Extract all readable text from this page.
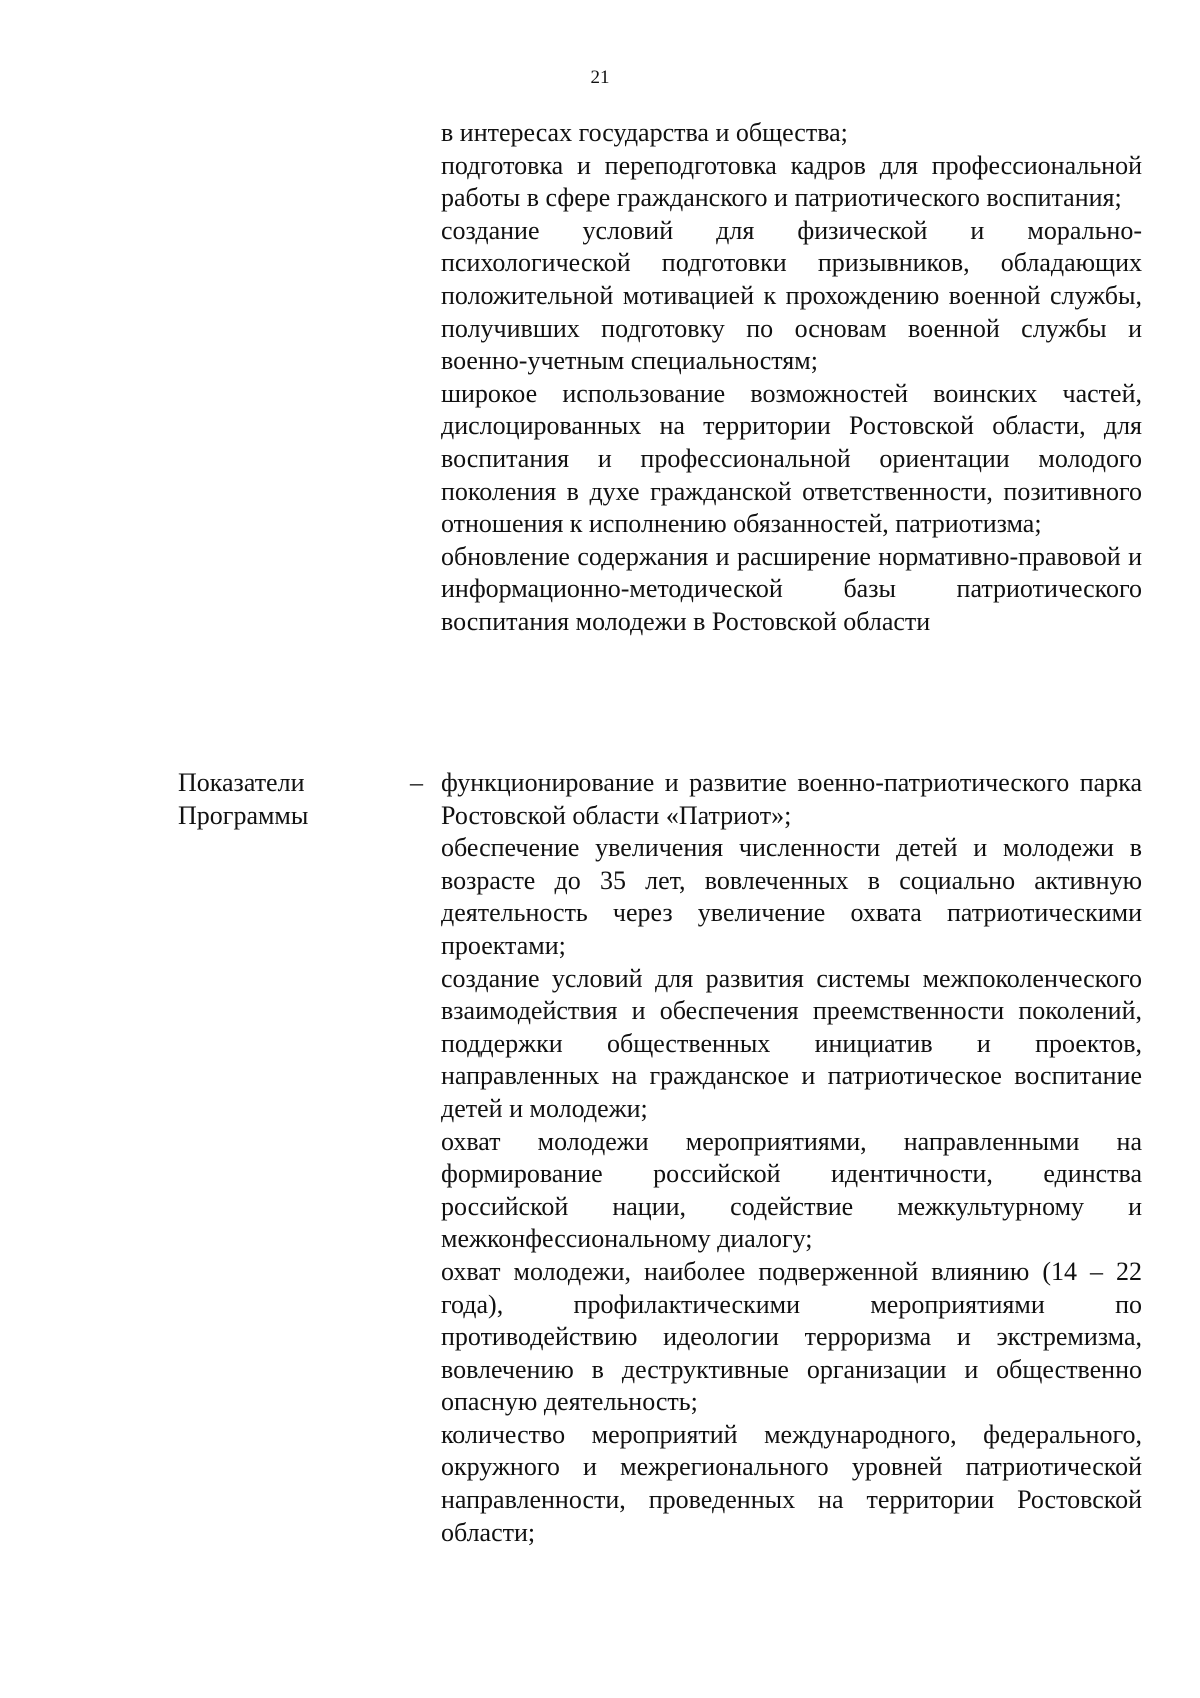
21

в интересах государства и общества;

подготовка и переподготовка кадров для профессиональной работы в сфере гражданского и патриотического воспитания;

создание условий для физической и морально-психологической подготовки призывников, обладающих положительной мотивацией к прохождению военной службы, получивших подготовку по основам военной службы и военно-учетным специальностям;

широкое использование возможностей воинских частей, дислоцированных на территории Ростовской области, для воспитания и профессиональной ориентации молодого поколения в духе гражданской ответственности, позитивного отношения к исполнению обязанностей, патриотизма;

обновление содержания и расширение нормативно-правовой и информационно-методической базы патриотического воспитания молодежи в Ростовской области

Показатели
Программы
– функционирование и развитие военно-патриотического парка Ростовской области «Патриот»;

обеспечение увеличения численности детей и молодежи в возрасте до 35 лет, вовлеченных в социально активную деятельность через увеличение охвата патриотическими проектами;

создание условий для развития системы межпоколенческого взаимодействия и обеспечения преемственности поколений, поддержки общественных инициатив и проектов, направленных на гражданское и патриотическое воспитание детей и молодежи;

охват молодежи мероприятиями, направленными на формирование российской идентичности, единства российской нации, содействие межкультурному и межконфессиональному диалогу;

охват молодежи, наиболее подверженной влиянию (14 – 22 года), профилактическими мероприятиями по противодействию идеологии терроризма и экстремизма, вовлечению в деструктивные организации и общественно опасную деятельность;

количество мероприятий международного, федерального, окружного и межрегионального уровней патриотической направленности, проведенных на территории Ростовской области;
